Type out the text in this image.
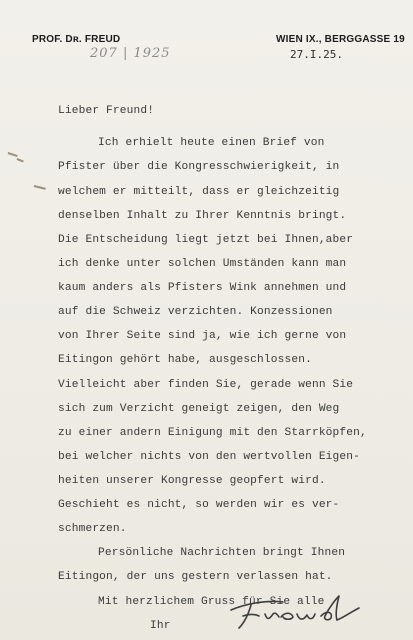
PROF. Dʀ. FREUD	WIEN IX., BERGGASSE 19
207 | 1925	27.I.25.
Lieber Freund!
Ich erhielt heute einen Brief von
Pfister über die Kongresschwierigkeit, in
welchem er mitteilt, dass er gleichzeitig
denselben Inhalt zu Ihrer Kenntnis bringt.
Die Entscheidung liegt jetzt bei Ihnen,aber
ich denke unter solchen Umständen kann man
kaum anders als Pfisters Wink annehmen und
auf die Schweiz verzichten. Konzessionen
von Ihrer Seite sind ja, wie ich gerne von
Eitingon gehört habe, ausgeschlossen.
Vielleicht aber finden Sie, gerade wenn Sie
sich zum Verzicht geneigt zeigen, den Weg
zu einer andern Einigung mit den Starrköpfen,
bei welcher nichts von den wertvollen Eigen-
heiten unserer Kongresse geopfert wird.
Geschieht es nicht, so werden wir es ver-
schmerzen.
Persönliche Nachrichten bringt Ihnen
Eitingon, der uns gestern verlassen hat.
Mit herzlichem Gruss für Sie alle
Ihr
